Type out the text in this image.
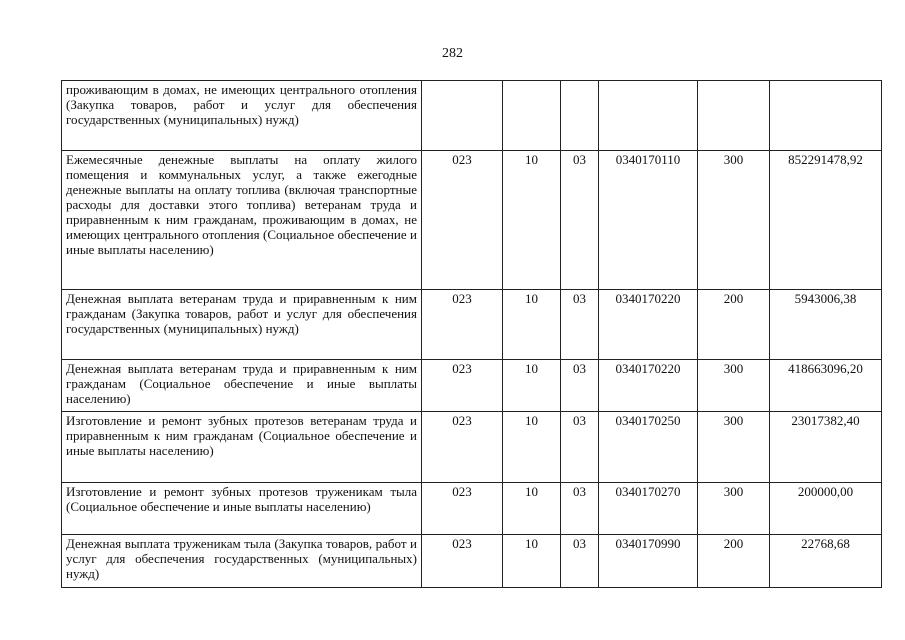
282
проживающим в домах, не имеющих центрального отопления (Закупка товаров, работ и услуг для обеспечения государственных (муниципальных) нужд)						
Ежемесячные денежные выплаты на оплату жилого помещения и коммунальных услуг, а также ежегодные денежные выплаты на оплату топлива (включая транспортные расходы для доставки этого топлива) ветеранам труда и приравненным к ним гражданам, проживающим в домах, не имеющих центрального отопления (Социальное обеспечение и иные выплаты населению)	023	10	03	0340170110	300	852291478,92
Денежная выплата ветеранам труда и приравненным к ним гражданам (Закупка товаров, работ и услуг для обеспечения государственных (муниципальных) нужд)	023	10	03	0340170220	200	5943006,38
Денежная выплата ветеранам труда и приравненным к ним гражданам (Социальное обеспечение и иные выплаты населению)	023	10	03	0340170220	300	418663096,20
Изготовление и ремонт зубных протезов ветеранам труда и приравненным к ним гражданам (Социальное обеспечение и иные выплаты населению)	023	10	03	0340170250	300	23017382,40
Изготовление и ремонт зубных протезов труженикам тыла (Социальное обеспечение и иные выплаты населению)	023	10	03	0340170270	300	200000,00
Денежная выплата труженикам тыла (Закупка товаров, работ и услуг для обеспечения государственных (муниципальных) нужд)	023	10	03	0340170990	200	22768,68
